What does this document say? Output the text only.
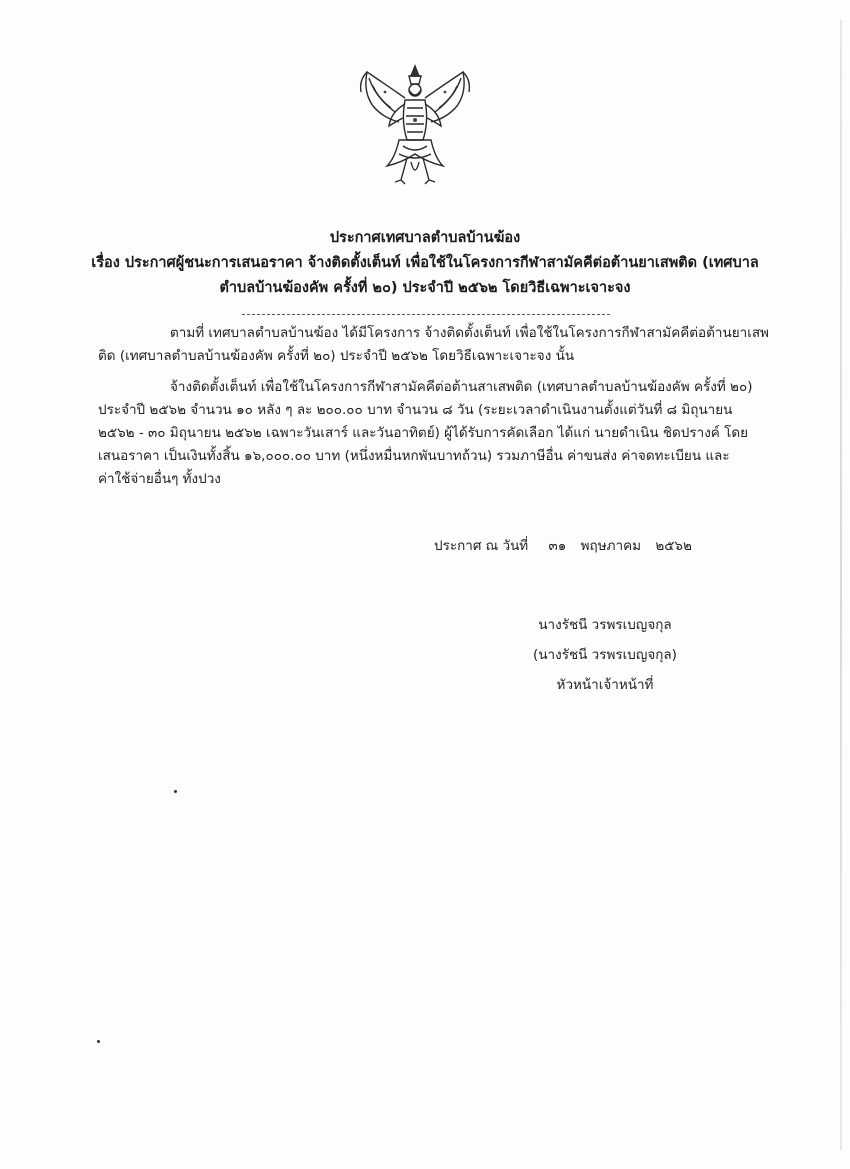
ประกาศเทศบาลตำบลบ้านฆ้อง
เรื่อง ประกาศผู้ชนะการเสนอราคา จ้างติดตั้งเต็นท์ เพื่อใช้ในโครงการกีฬาสามัคคีต่อต้านยาเสพติด (เทศบาล
ตำบลบ้านฆ้องคัพ ครั้งที่ ๒๐) ประจำปี ๒๕๖๒ โดยวิธีเฉพาะเจาะจง
ตามที่ เทศบาลตำบลบ้านฆ้อง ได้มีโครงการ จ้างติดตั้งเต็นท์ เพื่อใช้ในโครงการกีฬาสามัคคีต่อต้านยาเสพ
ติด (เทศบาลตำบลบ้านฆ้องคัพ ครั้งที่ ๒๐) ประจำปี ๒๕๖๒ โดยวิธีเฉพาะเจาะจง นั้น
จ้างติดตั้งเต็นท์ เพื่อใช้ในโครงการกีฬาสามัคคีต่อต้านสาเสพติด (เทศบาลตำบลบ้านฆ้องคัพ ครั้งที่ ๒๐)
ประจำปี ๒๕๖๒ จำนวน ๑๐ หลัง ๆ ละ ๒๐๐.๐๐ บาท จำนวน ๘ วัน (ระยะเวลาดำเนินงานตั้งแต่วันที่ ๘ มิถุนายน
๒๕๖๒ - ๓๐ มิถุนายน ๒๕๖๒ เฉพาะวันเสาร์ และวันอาทิตย์) ผู้ได้รับการคัดเลือก ได้แก่ นายดำเนิน ชิดปรางค์ โดย
เสนอราคา เป็นเงินทั้งสิ้น ๑๖,๐๐๐.๐๐ บาท (หนึ่งหมื่นหกพันบาทถ้วน) รวมภาษีอื่น ค่าขนส่ง ค่าจดทะเบียน และ
ค่าใช้จ่ายอื่นๆ ทั้งปวง
ประกาศ ณ วันที่ ๓๑ พฤษภาคม ๒๕๖๒
นางรัชนี วรพรเบญจกุล
(นางรัชนี วรพรเบญจกุล)
หัวหน้าเจ้าหน้าที่
